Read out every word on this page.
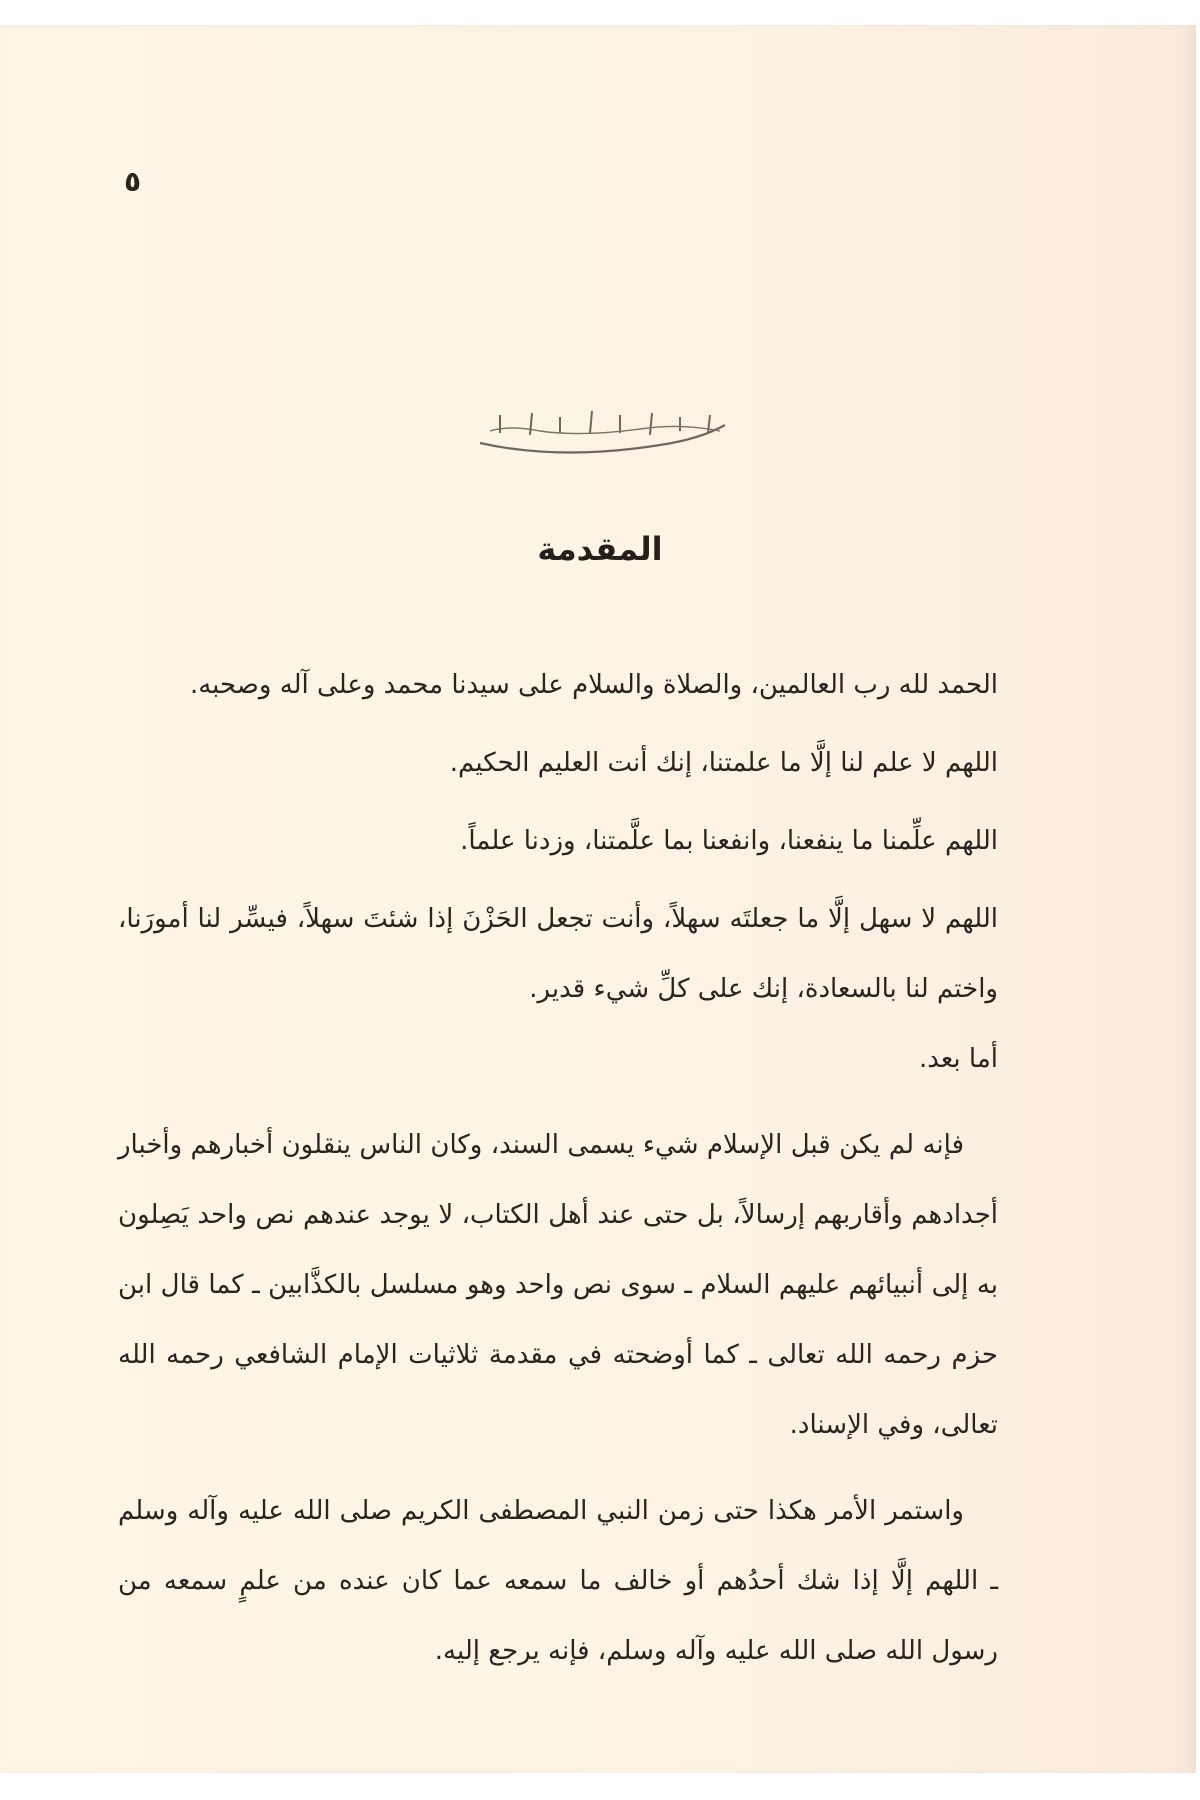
٥
المقدمة

الحمد لله رب العالمين، والصلاة والسلام على سيدنا محمد وعلى آله وصحبه.

اللهم لا علم لنا إلَّا ما علمتنا، إنك أنت العليم الحكيم.

اللهم علِّمنا ما ينفعنا، وانفعنا بما علَّمتنا، وزدنا علماً.

اللهم لا سهل إلَّا ما جعلتَه سهلاً، وأنت تجعل الحَزْنَ إذا شئتَ سهلاً، فيسِّر لنا أمورَنا، واختم لنا بالسعادة، إنك على كلِّ شيء قدير.

أما بعد.

فإنه لم يكن قبل الإسلام شيء يسمى السند، وكان الناس ينقلون أخبارهم وأخبار أجدادهم وأقاربهم إرسالاً، بل حتى عند أهل الكتاب، لا يوجد عندهم نص واحد يَصِلون به إلى أنبيائهم عليهم السلام ـ سوى نص واحد وهو مسلسل بالكذَّابين ـ كما قال ابن حزم رحمه الله تعالى ـ كما أوضحته في مقدمة ثلاثيات الإمام الشافعي رحمه الله تعالى، وفي الإسناد.

واستمر الأمر هكذا حتى زمن النبي المصطفى الكريم صلى الله عليه وآله وسلم ـ اللهم إلَّا إذا شك أحدُهم أو خالف ما سمعه عما كان عنده من علمٍ سمعه من رسول الله صلى الله عليه وآله وسلم، فإنه يرجع إليه.
